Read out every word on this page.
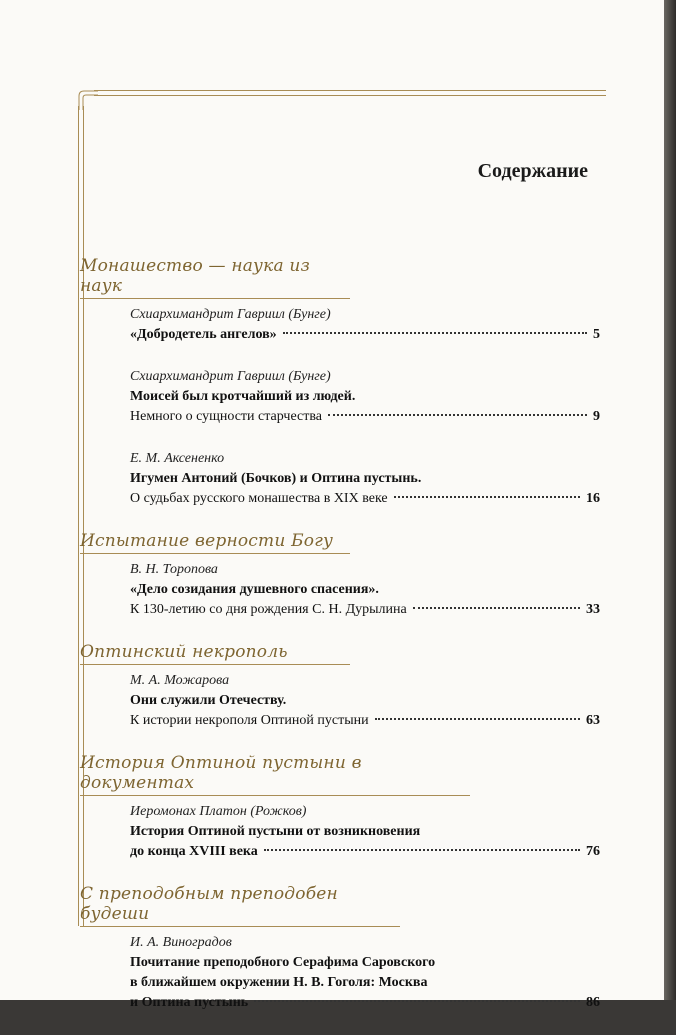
Содержание
Монашество — наука из наук
Схиархимандрит Гавриил (Бунге)
«Добродетель ангелов»	5
Схиархимандрит Гавриил (Бунге)
Моисей был кротчайший из людей.
Немного о сущности старчества	9
Е. М. Аксененко
Игумен Антоний (Бочков) и Оптина пустынь.
О судьбах русского монашества в XIX веке	16
Испытание верности Богу
В. Н. Торопова
«Дело созидания душевного спасения».
К 130-летию со дня рождения С. Н. Дурылина	33
Оптинский некрополь
М. А. Можарова
Они служили Отечеству.
К истории некрополя Оптиной пустыни	63
История Оптиной пустыни в документах
Иеромонах Платон (Рожков)
История Оптиной пустыни от возникновения
до конца XVIII века	76
С преподобным преподобен будеши
И. А. Виноградов
Почитание преподобного Серафима Саровского
в ближайшем окружении Н. В. Гоголя: Москва
и Оптина пустынь	86
